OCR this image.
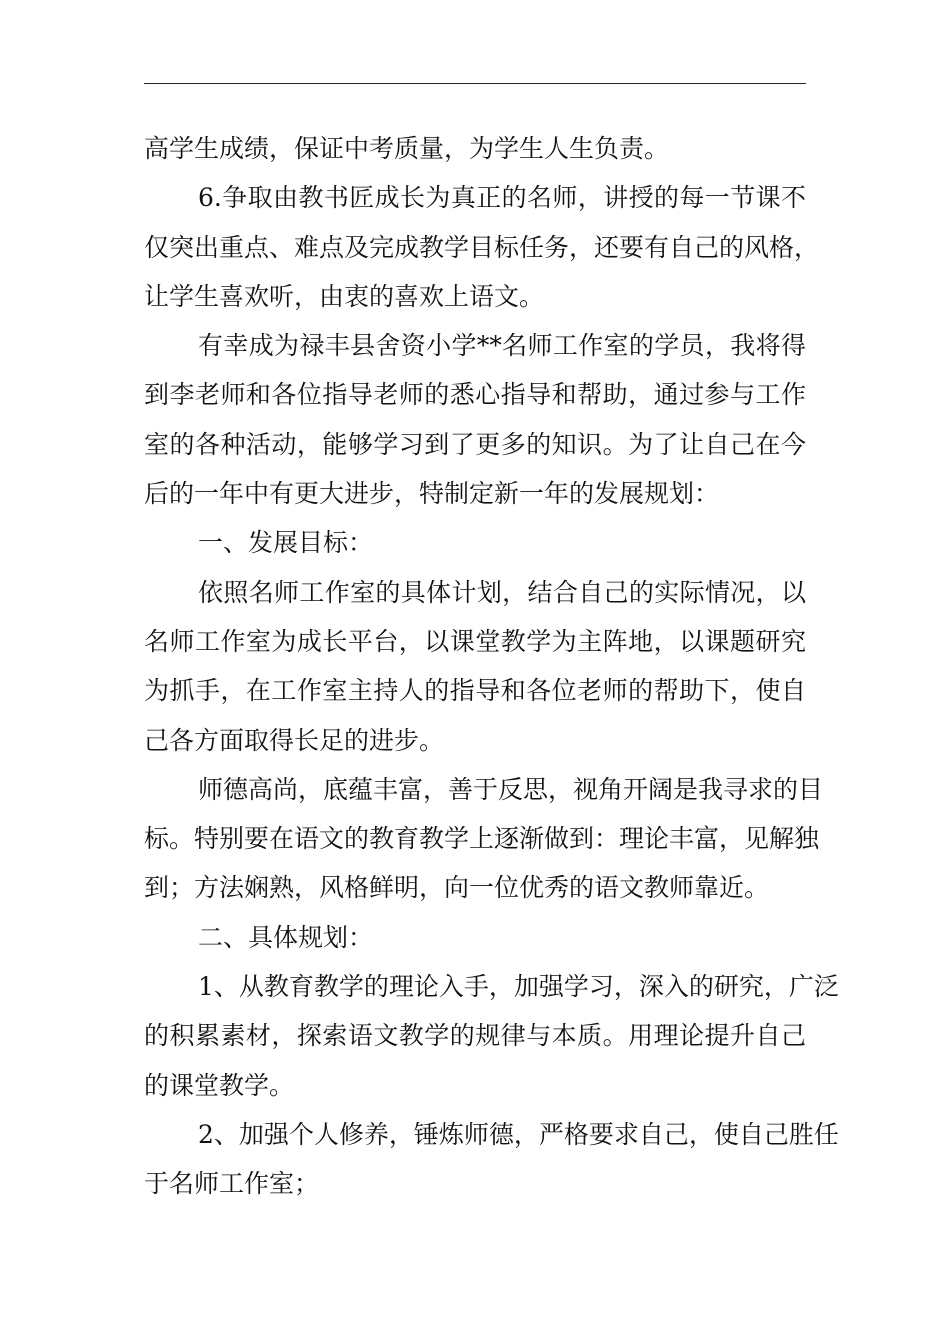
高学生成绩，保证中考质量，为学生人生负责。
6.争取由教书匠成长为真正的名师，讲授的每一节课不
仅突出重点、难点及完成教学目标任务，还要有自己的风格，
让学生喜欢听，由衷的喜欢上语文。
有幸成为禄丰县舍资小学**名师工作室的学员，我将得
到李老师和各位指导老师的悉心指导和帮助，通过参与工作
室的各种活动，能够学习到了更多的知识。为了让自己在今
后的一年中有更大进步，特制定新一年的发展规划：
一、发展目标：
依照名师工作室的具体计划，结合自己的实际情况，以
名师工作室为成长平台，以课堂教学为主阵地，以课题研究
为抓手，在工作室主持人的指导和各位老师的帮助下，使自
己各方面取得长足的进步。
师德高尚，底蕴丰富，善于反思，视角开阔是我寻求的目
标。特别要在语文的教育教学上逐渐做到：理论丰富，见解独
到；方法娴熟，风格鲜明，向一位优秀的语文教师靠近。
二、具体规划：
1、从教育教学的理论入手，加强学习，深入的研究，广泛
的积累素材，探索语文教学的规律与本质。用理论提升自己
的课堂教学。
2、加强个人修养，锤炼师德，严格要求自己，使自己胜任
于名师工作室；
